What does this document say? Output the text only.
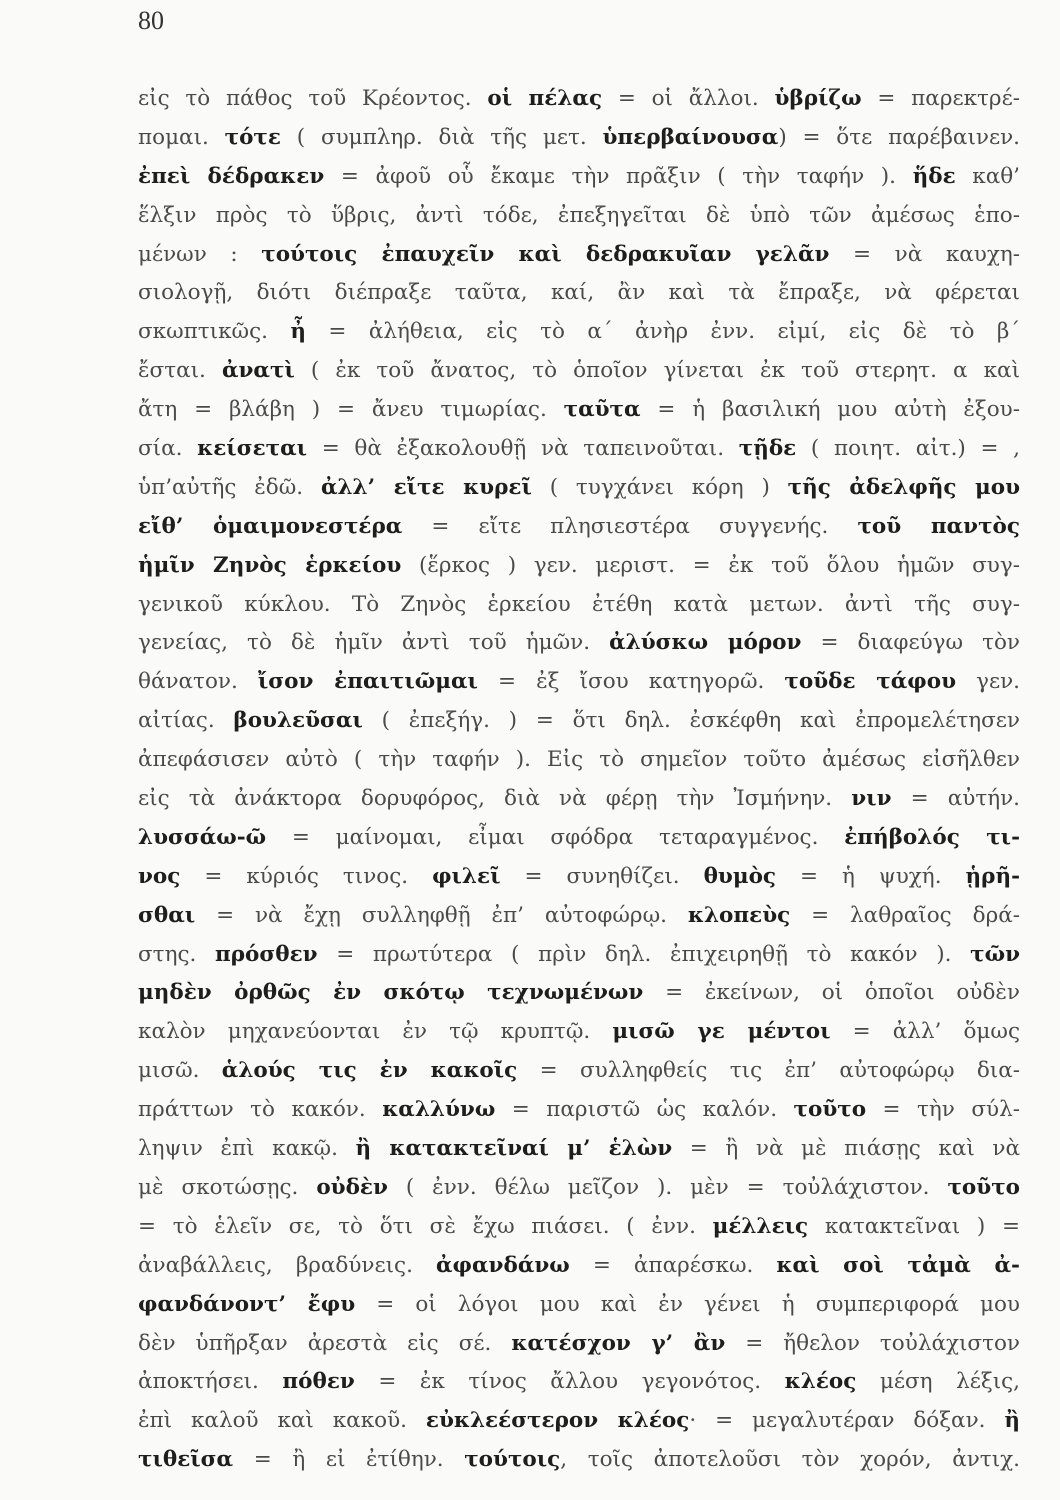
80
εἰς τὸ πάθος τοῦ Κρέοντος. οἱ πέλας = οἱ ἄλλοι. ὑβρίζω = παρεκτρέ-
πομαι. τότε ( συμπληρ. διὰ τῆς μετ. ὑπερβαίνουσα) = ὅτε παρέβαινεν.
ἐπεὶ δέδρακεν = ἀφοῦ οὗ ἔκαμε τὴν πρᾶξιν ( τὴν ταφήν ). ἥδε καθ’
ἕλξιν πρὸς τὸ ὕβρις, ἀντὶ τόδε, ἐπεξηγεῖται δὲ ὑπὸ τῶν ἀμέσως ἑπο-
μένων : τούτοις ἐπαυχεῖν καὶ δεδρακυῖαν γελᾶν = νὰ καυχη-
σιολογῇ, διότι διέπραξε ταῦτα, καί, ἂν καὶ τὰ ἔπραξε, νὰ φέρεται
σκωπτικῶς. ἦ = ἀλήθεια, εἰς τὸ α΄ ἀνὴρ ἐνν. εἰμί, εἰς δὲ τὸ β΄
ἔσται. ἀνατὶ ( ἐκ τοῦ ἄνατος, τὸ ὁποῖον γίνεται ἐκ τοῦ στερητ. α καὶ
ἄτη = βλάβη ) = ἄνευ τιμωρίας. ταῦτα = ἡ βασιλική μου αὐτὴ ἐξου-
σία. κείσεται = θὰ ἐξακολουθῇ νὰ ταπεινοῦται. τῇδε ( ποιητ. αἰτ.) = ,
ὑπ’αὐτῆς ἐδῶ. ἀλλ’ εἴτε κυρεῖ ( τυγχάνει κόρη ) τῆς ἀδελφῆς μου
εἴθ’ ὁμαιμονεστέρα = εἴτε πλησιεστέρα συγγενής. τοῦ παντὸς
ἡμῖν Ζηνὸς ἑρκείου (ἕρκος ) γεν. μεριστ. = ἐκ τοῦ ὅλου ἡμῶν συγ-
γενικοῦ κύκλου. Τὸ Ζηνὸς ἑρκείου ἐτέθη κατὰ μετων. ἀντὶ τῆς συγ-
γενείας, τὸ δὲ ἡμῖν ἀντὶ τοῦ ἡμῶν. ἀλύσκω μόρον = διαφεύγω τὸν
θάνατον. ἴσον ἐπαιτιῶμαι = ἐξ ἴσου κατηγορῶ. τοῦδε τάφου γεν.
αἰτίας. βουλεῦσαι ( ἐπεξήγ. ) = ὅτι δηλ. ἐσκέφθη καὶ ἐπρομελέτησεν
ἀπεφάσισεν αὐτὸ ( τὴν ταφήν ). Εἰς τὸ σημεῖον τοῦτο ἀμέσως εἰσῆλθεν
εἰς τὰ ἀνάκτορα δορυφόρος, διὰ νὰ φέρῃ τὴν Ἰσμήνην. νιν = αὐτήν.
λυσσάω-ῶ = μαίνομαι, εἶμαι σφόδρα τεταραγμένος. ἐπήβολός τι-
νος = κύριός τινος. φιλεῖ = συνηθίζει. θυμὸς = ἡ ψυχή. ᾑρῆ-
σθαι = νὰ ἔχῃ συλληφθῇ ἐπ’ αὐτοφώρῳ. κλοπεὺς = λαθραῖος δρά-
στης. πρόσθεν = πρωτύτερα ( πρὶν δηλ. ἐπιχειρηθῇ τὸ κακόν ). τῶν
μηδὲν ὀρθῶς ἐν σκότῳ τεχνωμένων = ἐκείνων, οἱ ὁποῖοι οὐδὲν
καλὸν μηχανεύονται ἐν τῷ κρυπτῷ. μισῶ γε μέντοι = ἀλλ’ ὅμως
μισῶ. ἁλούς τις ἐν κακοῖς = συλληφθείς τις ἐπ’ αὐτοφώρῳ δια-
πράττων τὸ κακόν. καλλύνω = παριστῶ ὡς καλόν. τοῦτο = τὴν σύλ-
ληψιν ἐπὶ κακῷ. ἢ κατακτεῖναί μ’ ἑλὼν = ἢ νὰ μὲ πιάσῃς καὶ νὰ
μὲ σκοτώσῃς. οὐδὲν ( ἐνν. θέλω μεῖζον ). μὲν = τοὐλάχιστον. τοῦτο
= τὸ ἑλεῖν σε, τὸ ὅτι σὲ ἔχω πιάσει. ( ἐνν. μέλλεις κατακτεῖναι ) =
ἀναβάλλεις, βραδύνεις. ἀφανδάνω = ἀπαρέσκω. καὶ σοὶ τἀμὰ ἀ-
φανδάνοντ’ ἔφυ = οἱ λόγοι μου καὶ ἐν γένει ἡ συμπεριφορά μου
δὲν ὑπῆρξαν ἀρεστὰ εἰς σέ. κατέσχον γ’ ἂν = ἤθελον τοὐλάχιστον
ἀποκτήσει. πόθεν = ἐκ τίνος ἄλλου γεγονότος. κλέος μέση λέξις,
ἐπὶ καλοῦ καὶ κακοῦ. εὐκλεέστερον κλέος· = μεγαλυτέραν δόξαν. ἢ
τιθεῖσα = ἢ εἰ ἐτίθην. τούτοις, τοῖς ἀποτελοῦσι τὸν χορόν, ἀντιχ.
